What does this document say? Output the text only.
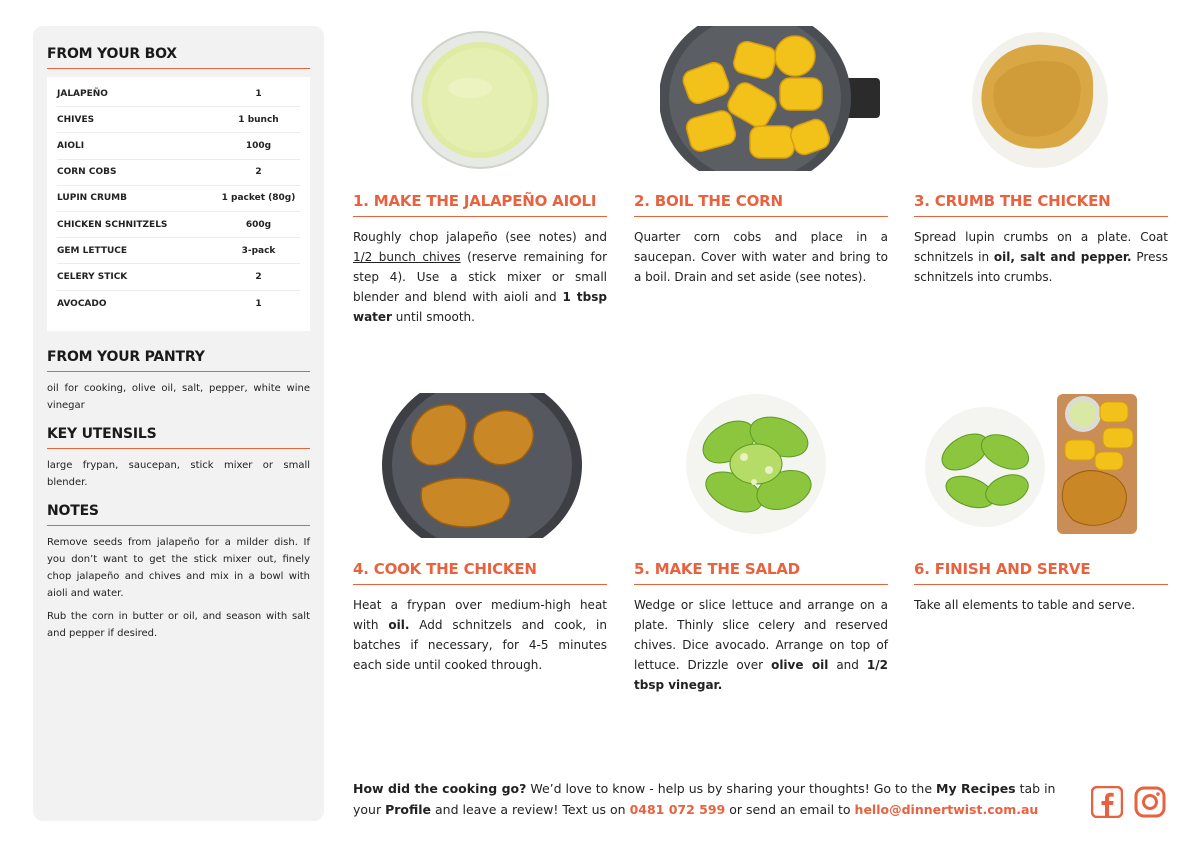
FROM YOUR BOX
JALAPEÑO	1
CHIVES	1 bunch
AIOLI	100g
CORN COBS	2
LUPIN CRUMB	1 packet (80g)
CHICKEN SCHNITZELS	600g
GEM LETTUCE	3-pack
CELERY STICK	2
AVOCADO	1
FROM YOUR PANTRY
oil for cooking, olive oil, salt, pepper, white wine vinegar
KEY UTENSILS
large frypan, saucepan, stick mixer or small blender.
NOTES

Remove seeds from jalapeño for a milder dish. If you don’t want to get the stick mixer out, finely chop jalapeño and chives and mix in a bowl with aioli and water.

Rub the corn in butter or oil, and season with salt and pepper if desired.

1. MAKE THE JALAPEÑO AIOLI
Roughly chop jalapeño (see notes) and 1/2 bunch chives (reserve remaining for step 4). Use a stick mixer or small blender and blend with aioli and 1 tbsp water until smooth.
2. BOIL THE CORN
Quarter corn cobs and place in a saucepan. Cover with water and bring to a boil. Drain and set aside (see notes).
3. CRUMB THE CHICKEN
Spread lupin crumbs on a plate. Coat schnitzels in oil, salt and pepper. Press schnitzels into crumbs.
4. COOK THE CHICKEN
Heat a frypan over medium-high heat with oil. Add schnitzels and cook, in batches if necessary, for 4-5 minutes each side until cooked through.
5. MAKE THE SALAD
Wedge or slice lettuce and arrange on a plate. Thinly slice celery and reserved chives. Dice avocado. Arrange on top of lettuce. Drizzle over olive oil and 1/2 tbsp vinegar.
6. FINISH AND SERVE
Take all elements to table and serve.
How did the cooking go? We’d love to know - help us by sharing your thoughts! Go to the My Recipes tab in your Profile and leave a review! Text us on 0481 072 599 or send an email to hello@dinnertwist.com.au
